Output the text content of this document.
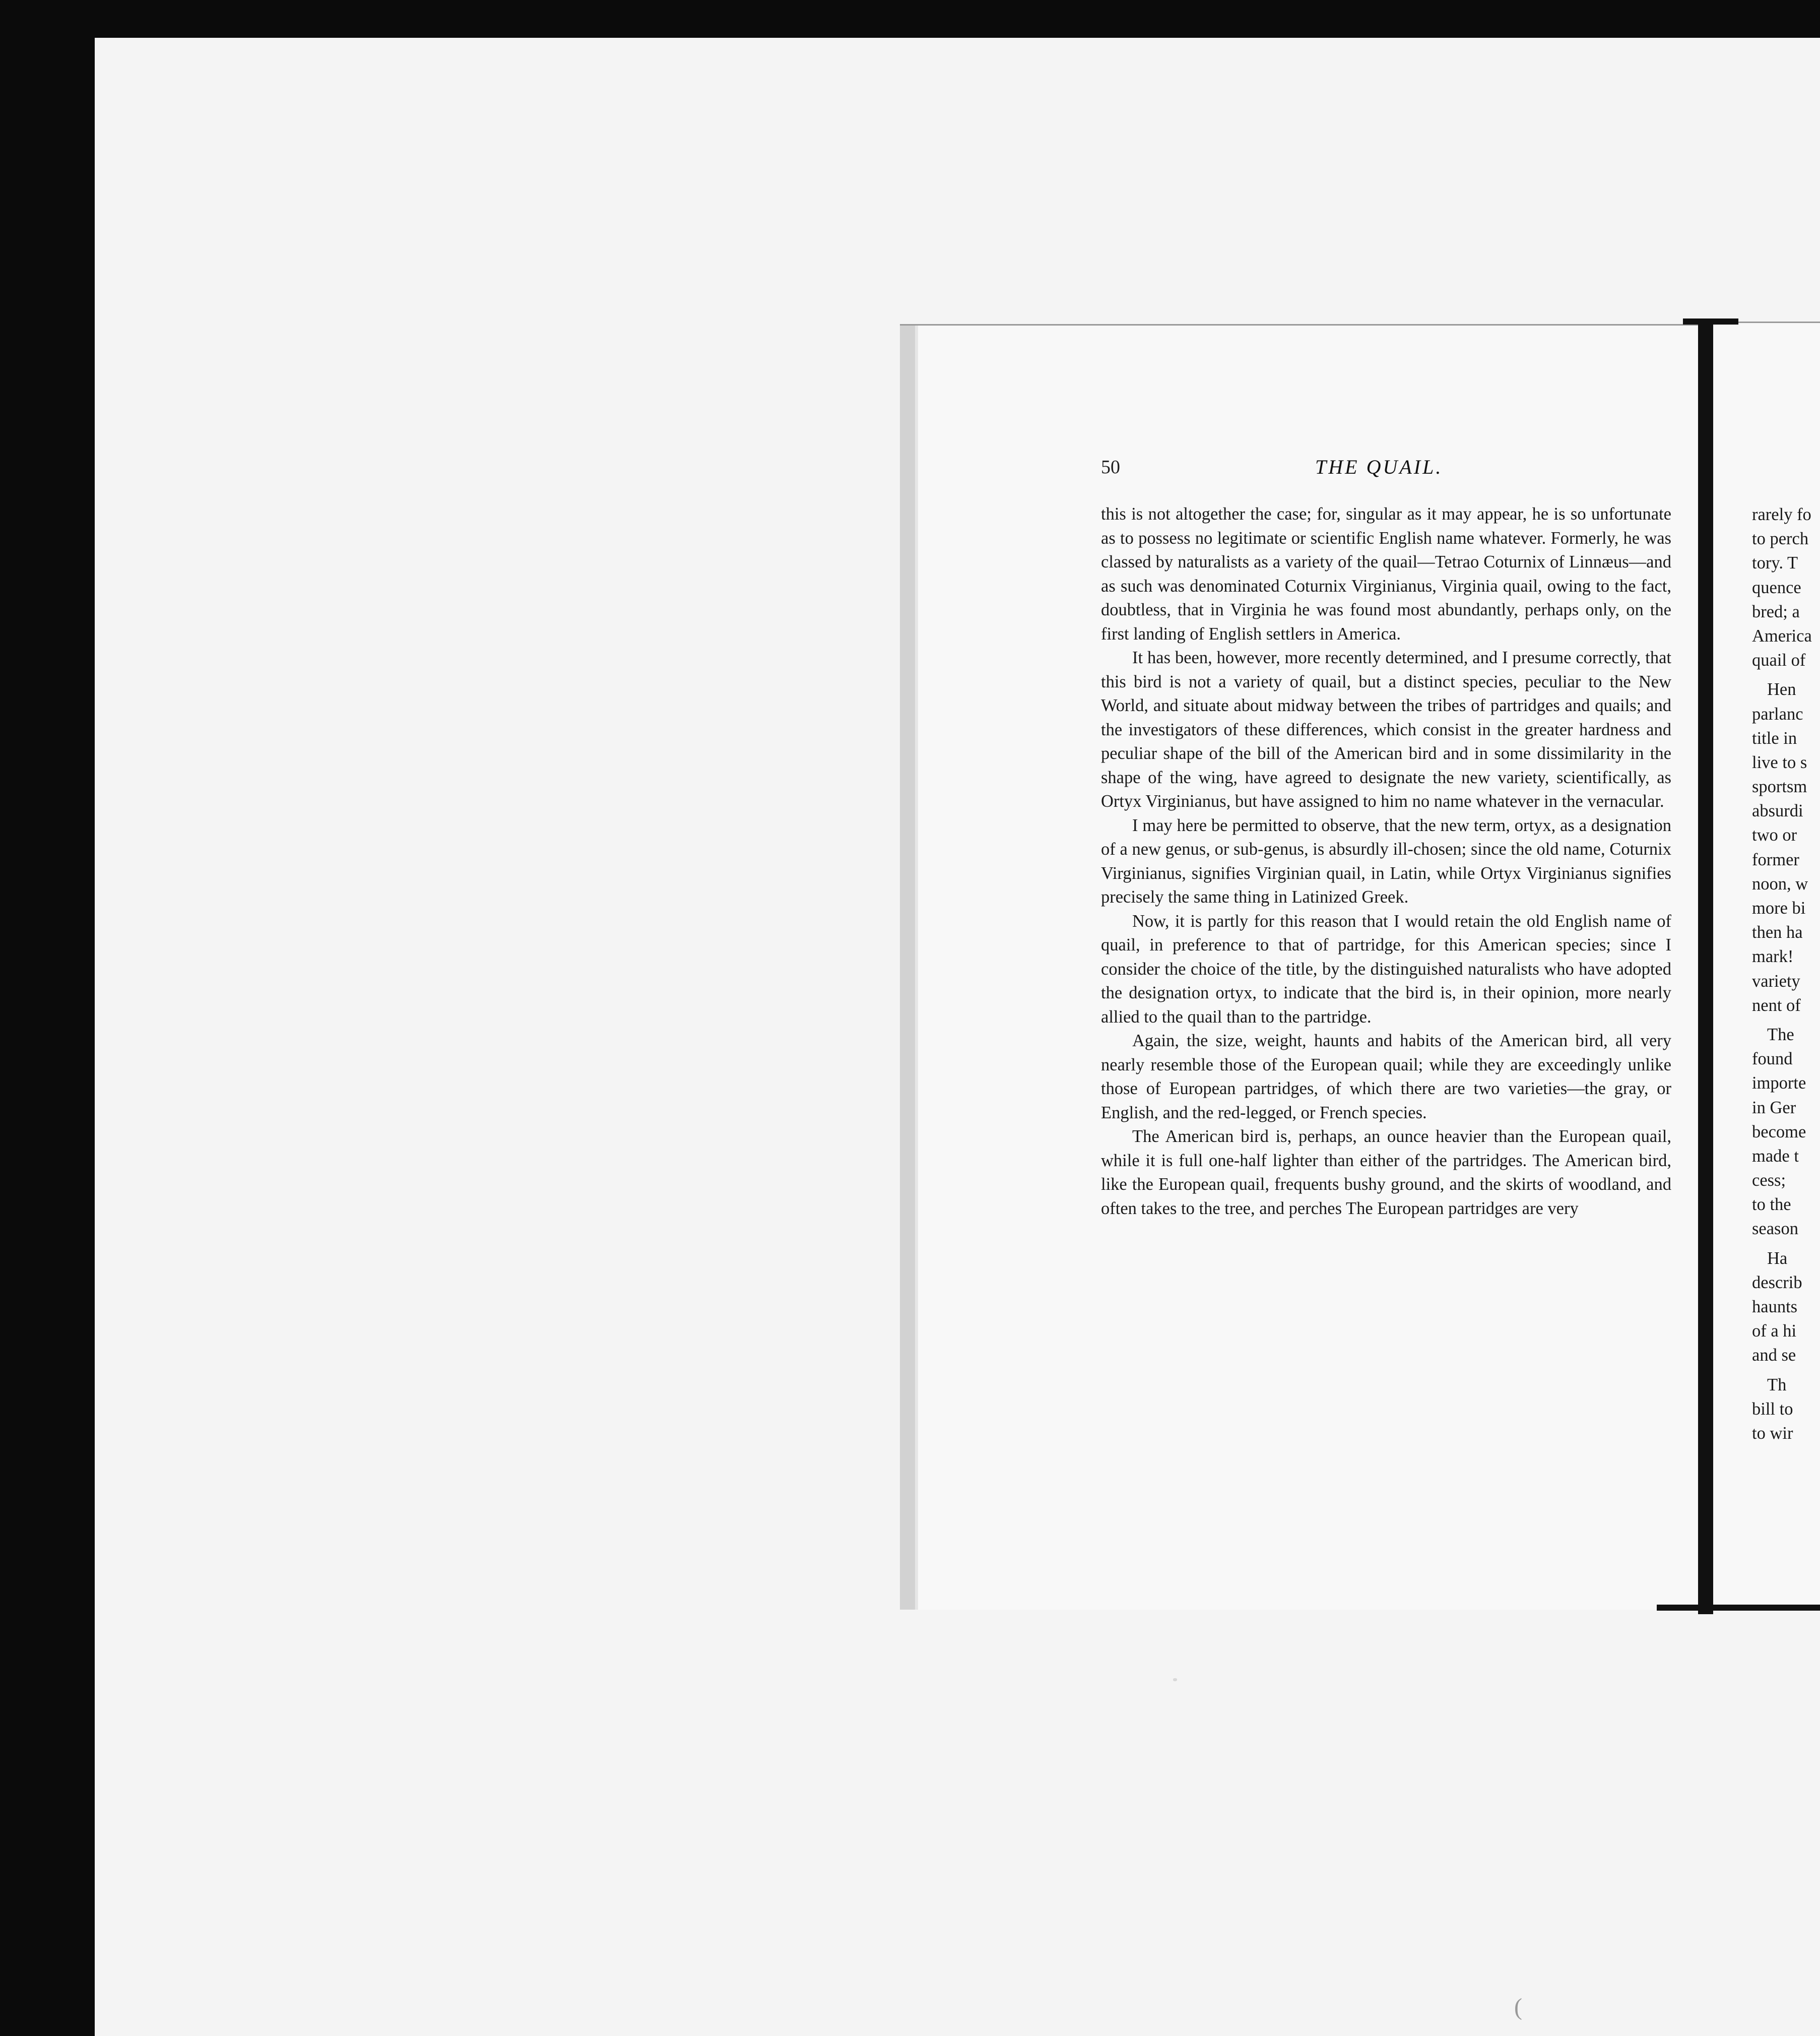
50	THE QUAIL.

this is not altogether the case; for, singular as it may appear, he is so unfortunate as to possess no legitimate or scientific English name whatever. Formerly, he was classed by naturalists as a variety of the quail—Tetrao Coturnix of Linnæus—and as such was denominated Coturnix Virginianus, Virginia quail, owing to the fact, doubtless, that in Virginia he was found most abundantly, perhaps only, on the first landing of English settlers in America.

It has been, however, more recently determined, and I presume correctly, that this bird is not a variety of quail, but a distinct species, peculiar to the New World, and situate about midway between the tribes of partridges and quails; and the investigators of these differences, which consist in the greater hardness and peculiar shape of the bill of the American bird and in some dissimilarity in the shape of the wing, have agreed to designate the new variety, scientifically, as Ortyx Virginianus, but have assigned to him no name whatever in the vernacular.

I may here be permitted to observe, that the new term, ortyx, as a designation of a new genus, or sub-genus, is absurdly ill-chosen; since the old name, Coturnix Virginianus, signifies Virginian quail, in Latin, while Ortyx Virginianus signifies precisely the same thing in Latinized Greek.

Now, it is partly for this reason that I would retain the old English name of quail, in preference to that of partridge, for this American species; since I consider the choice of the title, by the distinguished naturalists who have adopted the designation ortyx, to indicate that the bird is, in their opinion, more nearly allied to the quail than to the partridge.

Again, the size, weight, haunts and habits of the American bird, all very nearly resemble those of the European quail; while they are exceedingly unlike those of European partridges, of which there are two varieties—the gray, or English, and the red-legged, or French species.

The American bird is, perhaps, an ounce heavier than the European quail, while it is full one-half lighter than either of the partridges. The American bird, like the European quail, frequents bushy ground, and the skirts of woodland, and often takes to the tree, and perches The European partridges are very

rarely fo
to perch
tory. T
quence
bred; a
America
quail of
Hen
parlanc
title in
live to s
sportsm
absurdi
two or
former
noon, w
more bi
then ha
mark!
variety
nent of
The
found
importe
in Ger
become
made t
cess;
to the
season
Ha
describ
haunts
of a hi
and se
Th
bill to
to wir
(
